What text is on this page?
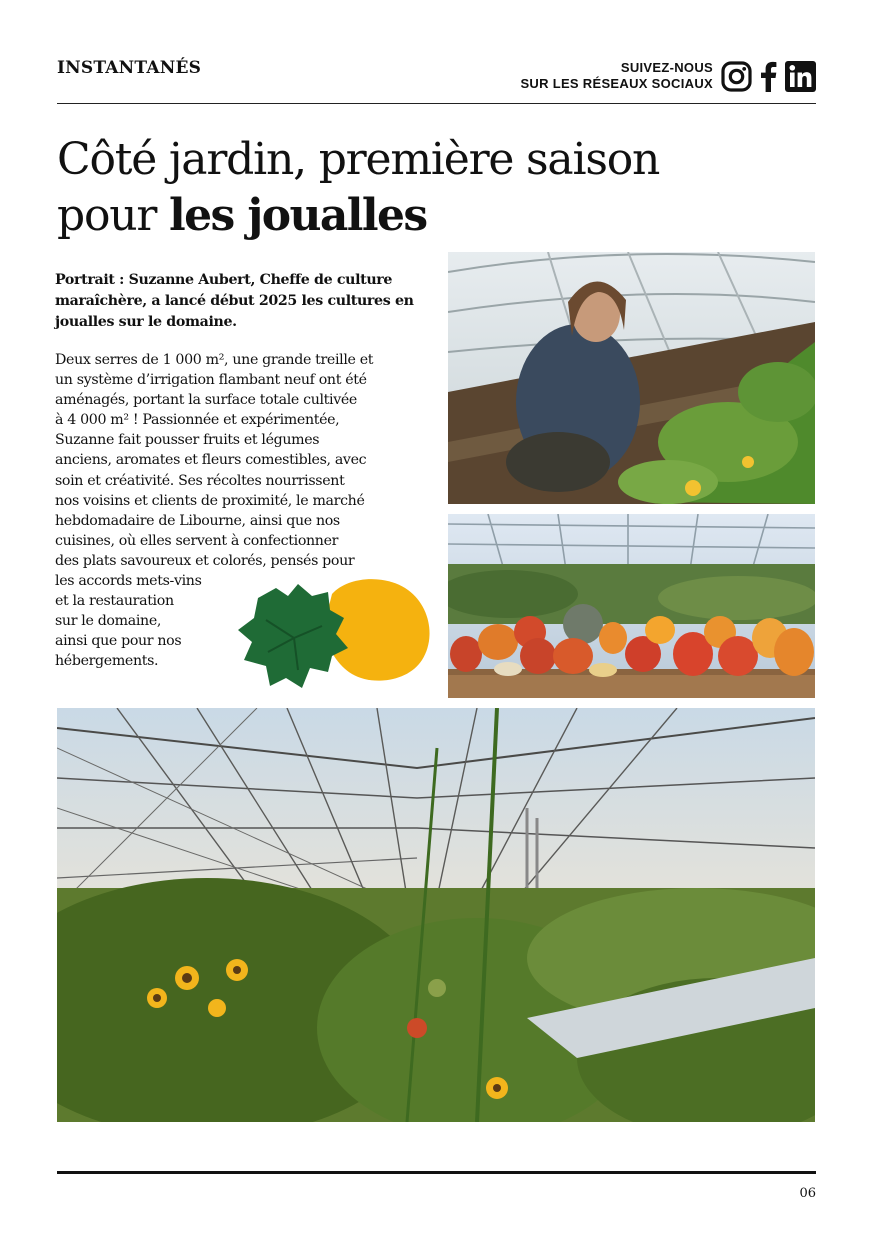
INSTANTANÉS	SUIVEZ-NOUS
SUR LES RÉSEAUX SOCIAUX
Côté jardin, première saison pour les joualles

Portrait : Suzanne Aubert, Cheffe de culture maraîchère, a lancé début 2025 les cultures en joualles sur le domaine.

Deux serres de 1 000 m², une grande treille et
un système d’irrigation flambant neuf ont été
aménagés, portant la surface totale cultivée
à 4 000 m² ! Passionnée et expérimentée,
Suzanne fait pousser fruits et légumes
anciens, aromates et fleurs comestibles, avec
soin et créativité. Ses récoltes nourrissent
nos voisins et clients de proximité, le marché
hebdomadaire de Libourne, ainsi que nos
cuisines, où elles servent à confectionner
des plats savoureux et colorés, pensés pour
les accords mets-vins
et la restauration
sur le domaine,
ainsi que pour nos
hébergements.

06
